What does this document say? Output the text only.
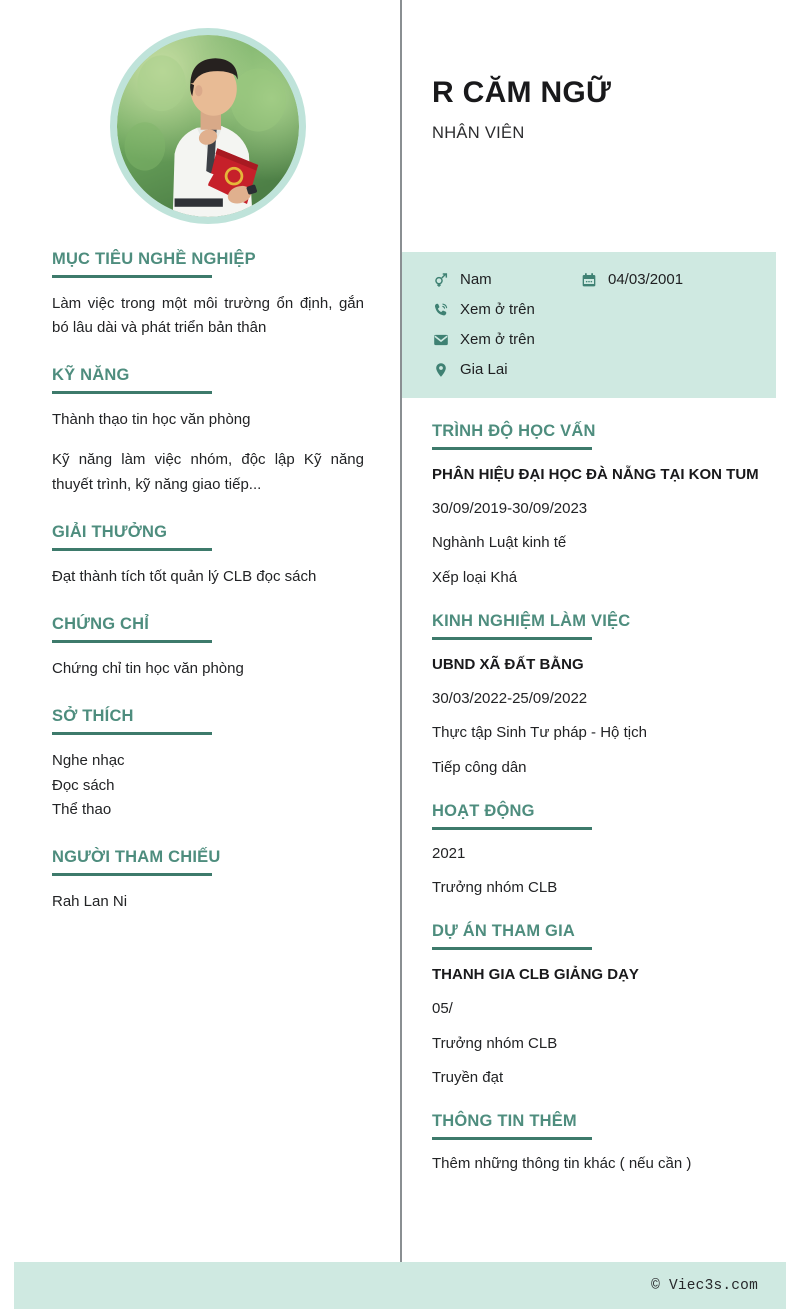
MỤC TIÊU NGHỀ NGHIỆP

Làm việc trong một môi trường ổn định, gắn bó lâu dài và phát triển bản thân

KỸ NĂNG

Thành thạo tin học văn phòng

Kỹ năng làm việc nhóm, độc lập Kỹ năng thuyết trình, kỹ năng giao tiếp...

GIẢI THƯỞNG

Đạt thành tích tốt quản lý CLB đọc sách

CHỨNG CHỈ

Chứng chỉ tin học văn phòng

SỞ THÍCH

Nghe nhạc

Đọc sách

Thể thao

NGƯỜI THAM CHIẾU

Rah Lan Ni

R CĂM NGỮ
NHÂN VIÊN
Nam	04/03/2001
Xem ở trên
Xem ở trên
Gia Lai
TRÌNH ĐỘ HỌC VẤN
PHÂN HIỆU ĐẠI HỌC ĐÀ NẴNG TẠI KON TUM
30/09/2019-30/09/2023
Nghành Luật kinh tế
Xếp loại Khá
KINH NGHIỆM LÀM VIỆC
UBND XÃ ĐẤT BẰNG
30/03/2022-25/09/2022
Thực tập Sinh Tư pháp - Hộ tịch
Tiếp công dân
HOẠT ĐỘNG
2021
Trưởng nhóm CLB
DỰ ÁN THAM GIA
THANH GIA CLB GIẢNG DẠY
05/
Trưởng nhóm CLB
Truyền đạt
THÔNG TIN THÊM
Thêm những thông tin khác ( nếu cần )
© Viec3s.com
